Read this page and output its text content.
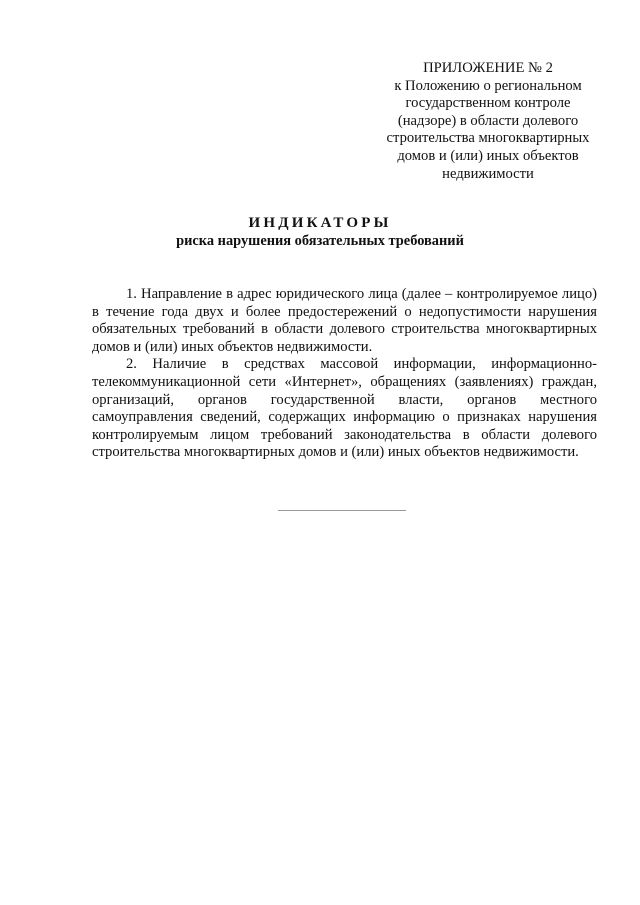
ПРИЛОЖЕНИЕ № 2
к Положению о региональном
государственном контроле
(надзоре) в области долевого
строительства многоквартирных
домов и (или) иных объектов
недвижимости
ИНДИКАТОРЫ
риска нарушения обязательных требований

1. Направление в адрес юридического лица (далее – контролируемое лицо) в течение года двух и более предостережений о недопустимости нарушения обязательных требований в области долевого строительства многоквартирных домов и (или) иных объектов недвижимости.

2. Наличие в средствах массовой информации, информационно-телекоммуникационной сети «Интернет», обращениях (заявлениях) граждан, организаций, органов государственной власти, органов местного самоуправления сведений, содержащих информацию о признаках нарушения контролируемым лицом требований законодательства в области долевого строительства многоквартирных домов и (или) иных объектов недвижимости.
